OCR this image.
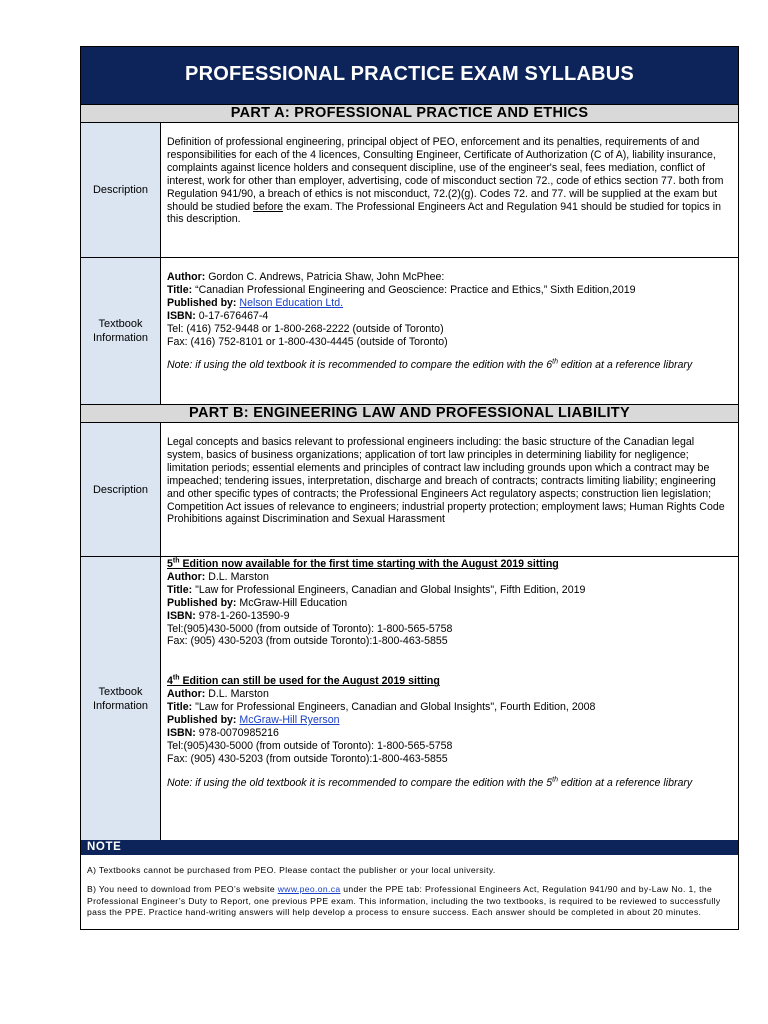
PROFESSIONAL PRACTICE EXAM SYLLABUS
PART A: PROFESSIONAL PRACTICE AND ETHICS
Description
Definition of professional engineering, principal object of PEO, enforcement and its penalties, requirements of and responsibilities for each of the 4 licences, Consulting Engineer, Certificate of Authorization (C of A), liability insurance, complaints against licence holders and consequent discipline, use of the engineer's seal, fees mediation, conflict of interest, work for other than employer, advertising, code of misconduct section 72., code of ethics section 77. both from Regulation 941/90, a breach of ethics is not misconduct, 72.(2)(g). Codes 72. and 77. will be supplied at the exam but should be studied before the exam. The Professional Engineers Act and Regulation 941 should be studied for topics in this description.
Textbook
Information
Author: Gordon C. Andrews, Patricia Shaw, John McPhee:
Title: “Canadian Professional Engineering and Geoscience: Practice and Ethics,” Sixth Edition,2019
Published by: Nelson Education Ltd.
ISBN: 0-17-676467-4
Tel: (416) 752-9448 or 1-800-268-2222 (outside of Toronto)
Fax: (416) 752-8101 or 1-800-430-4445 (outside of Toronto)
Note: if using the old textbook it is recommended to compare the edition with the 6th edition at a reference library
PART B: ENGINEERING LAW AND PROFESSIONAL LIABILITY
Description
Legal concepts and basics relevant to professional engineers including: the basic structure of the Canadian legal system, basics of business organizations; application of tort law principles in determining liability for negligence; limitation periods; essential elements and principles of contract law including grounds upon which a contract may be impeached; tendering issues, interpretation, discharge and breach of contracts; contracts limiting liability; engineering and other specific types of contracts; the Professional Engineers Act regulatory aspects; construction lien legislation; Competition Act issues of relevance to engineers; industrial property protection; employment laws; Human Rights Code Prohibitions against Discrimination and Sexual Harassment
Textbook
Information
5th Edition now available for the first time starting with the August 2019 sitting
Author: D.L. Marston
Title: "Law for Professional Engineers, Canadian and Global Insights", Fifth Edition, 2019
Published by: McGraw-Hill Education
ISBN: 978-1-260-13590-9
Tel:(905)430-5000 (from outside of Toronto): 1-800-565-5758
Fax: (905) 430-5203 (from outside Toronto):1-800-463-5855
4th Edition can still be used for the August 2019 sitting
Author: D.L. Marston
Title: "Law for Professional Engineers, Canadian and Global Insights", Fourth Edition, 2008
Published by: McGraw-Hill Ryerson
ISBN: 978-0070985216
Tel:(905)430-5000 (from outside of Toronto): 1-800-565-5758
Fax: (905) 430-5203 (from outside Toronto):1-800-463-5855
Note: if using the old textbook it is recommended to compare the edition with the 5th edition at a reference library
NOTE

A) Textbooks cannot be purchased from PEO. Please contact the publisher or your local university.

B) You need to download from PEO’s website www.peo.on.ca under the PPE tab: Professional Engineers Act, Regulation 941/90 and by-Law No. 1, the Professional Engineer’s Duty to Report, one previous PPE exam. This information, including the two textbooks, is required to be reviewed to successfully pass the PPE. Practice hand-writing answers will help develop a process to ensure success. Each answer should be completed in about 20 minutes.
